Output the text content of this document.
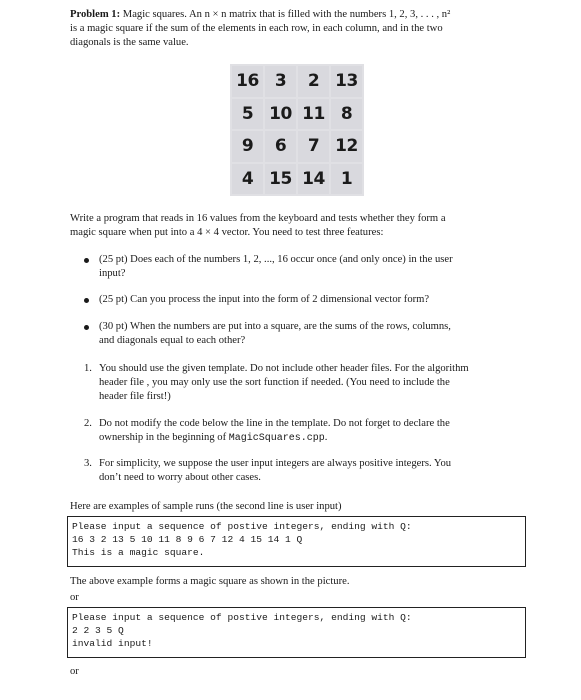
Problem 1: Magic squares. An n × n matrix that is filled with the numbers 1, 2, 3, . . . , n²
is a magic square if the sum of the elements in each row, in each column, and in the two
diagonals is the same value.
16 3	2 13
5 10 11 8
9	6	7 12
4 15 14 1
Write a program that reads in 16 values from the keyboard and tests whether they form a
magic square when put into a 4 × 4 vector. You need to test three features:
(25 pt) Does each of the numbers 1, 2, ..., 16 occur once (and only once) in the user
input?
(25 pt) Can you process the input into the form of 2 dimensional vector form?
(30 pt) When the numbers are put into a square, are the sums of the rows, columns,
and diagonals equal to each other?
1. You should use the given template. Do not include other header files. For the algorithm
header file , you may only use the sort function if needed. (You need to include the
header file first!)
2. Do not modify the code below the line in the template. Do not forget to declare the
ownership in the beginning of MagicSquares.cpp.
3. For simplicity, we suppose the user input integers are always positive integers. You
don’t need to worry about other cases.
Here are examples of sample runs (the second line is user input)
Please input a sequence of postive integers, ending with Q:
16 3 2 13 5 10 11 8 9 6 7 12 4 15 14 1 Q
This is a magic square.
The above example forms a magic square as shown in the picture.
or
Please input a sequence of postive integers, ending with Q:
2 2 3 5 Q
invalid input!
or
